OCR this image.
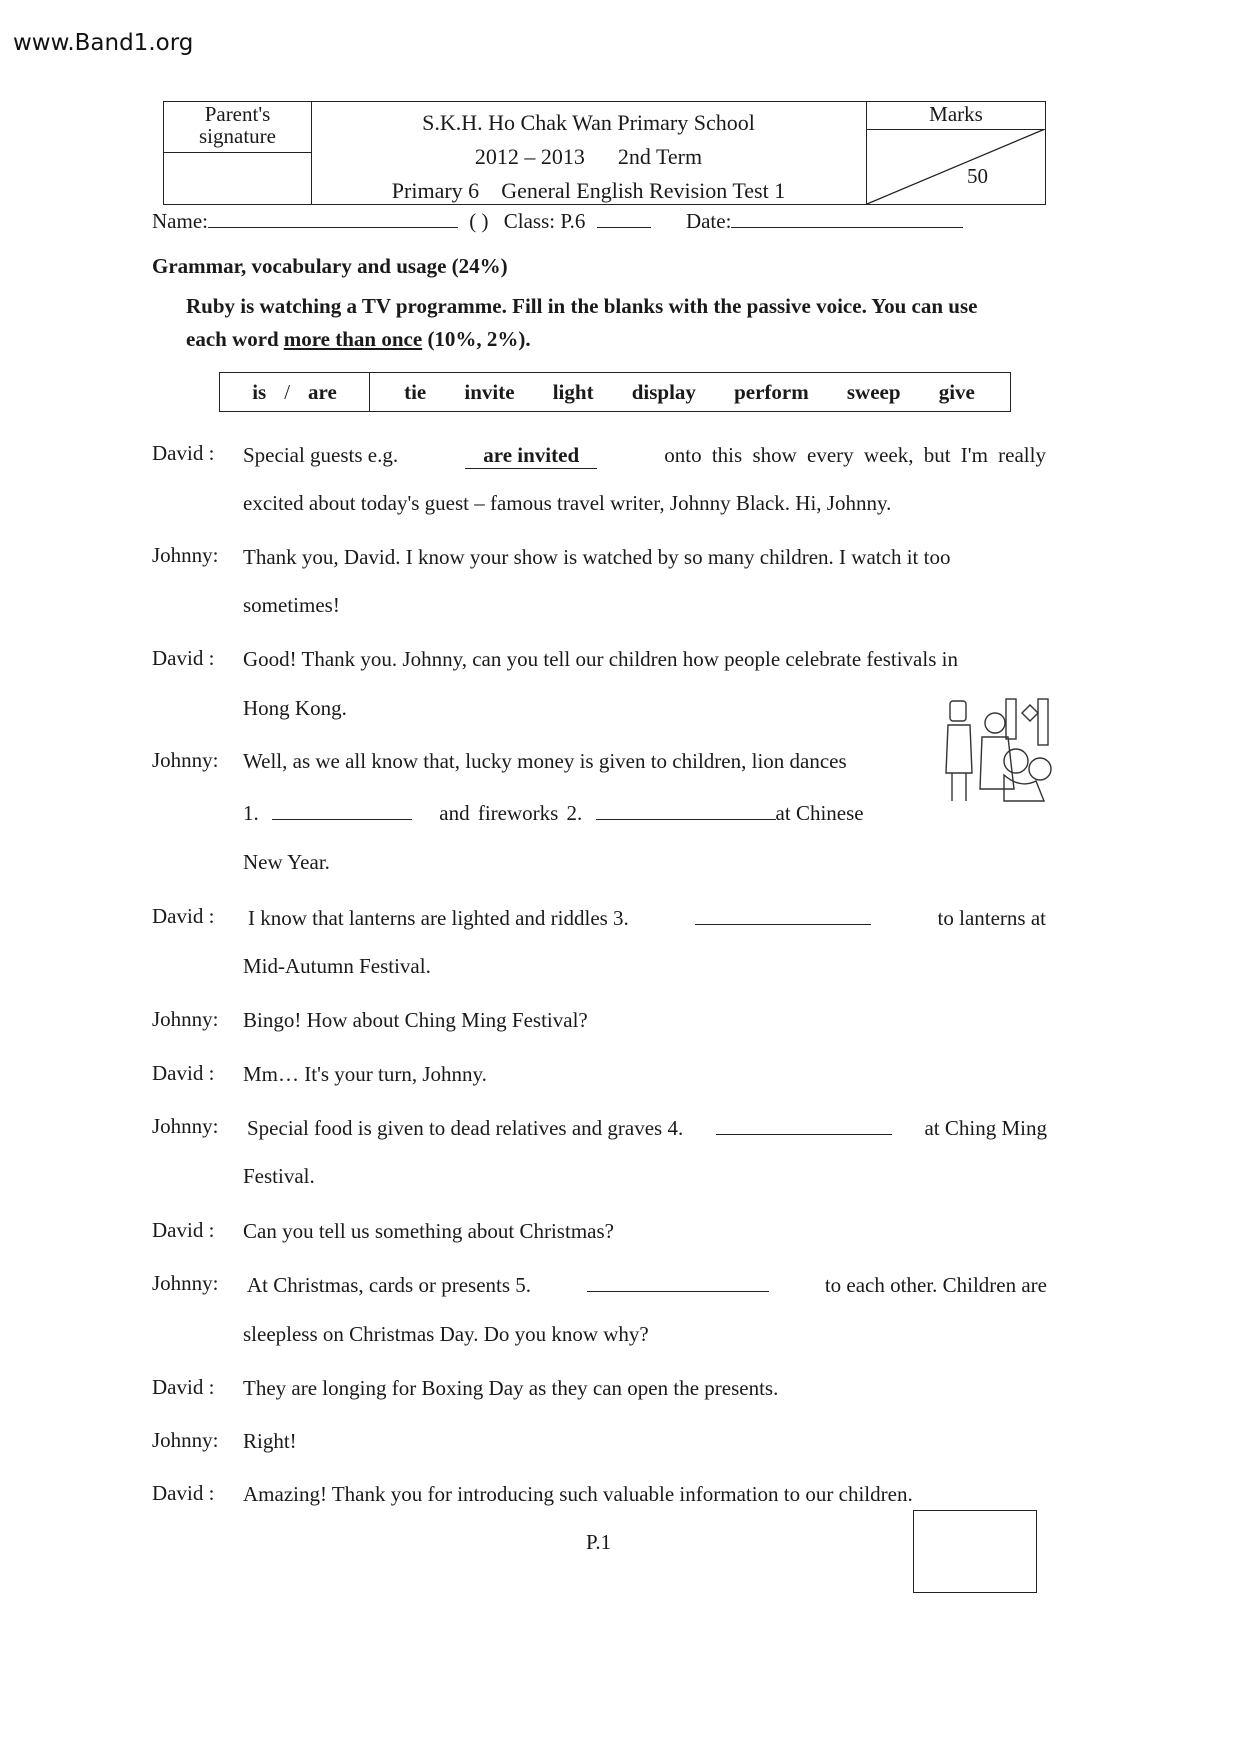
www.Band1.org
Parent's signature
S.K.H. Ho Chak Wan Primary School
2012 – 2013 2nd Term
Primary 6 General English Revision Test 1
Marks
50
Name:	( ) Class: P.6	Date:
Grammar, vocabulary and usage (24%)
Ruby is watching a TV programme. Fill in the blanks with the passive voice. You can use
each word more than once (10%, 2%).
is / are	tie invite light display perform sweep give
David : Special guests e.g.	are invited	onto this show every week, but I'm really
excited about today's guest – famous travel writer, Johnny Black. Hi, Johnny.
Johnny: Thank you, David. I know your show is watched by so many children. I watch it too
sometimes!
David : Good! Thank you. Johnny, can you tell our children how people celebrate festivals in
Hong Kong.
Johnny: Well, as we all know that, lucky money is given to children, lion dances
1.	and fireworks 2.	at Chinese
New Year.
David : I know that lanterns are lighted and riddles 3.	to lanterns at
Mid-Autumn Festival.
Johnny: Bingo! How about Ching Ming Festival?
David : Mm… It's your turn, Johnny.
Johnny: Special food is given to dead relatives and graves 4.	at Ching Ming
Festival.
David : Can you tell us something about Christmas?
Johnny: At Christmas, cards or presents 5.	to each other. Children are
sleepless on Christmas Day. Do you know why?
David : They are longing for Boxing Day as they can open the presents.
Johnny: Right!
David : Amazing! Thank you for introducing such valuable information to our children.
P.1
